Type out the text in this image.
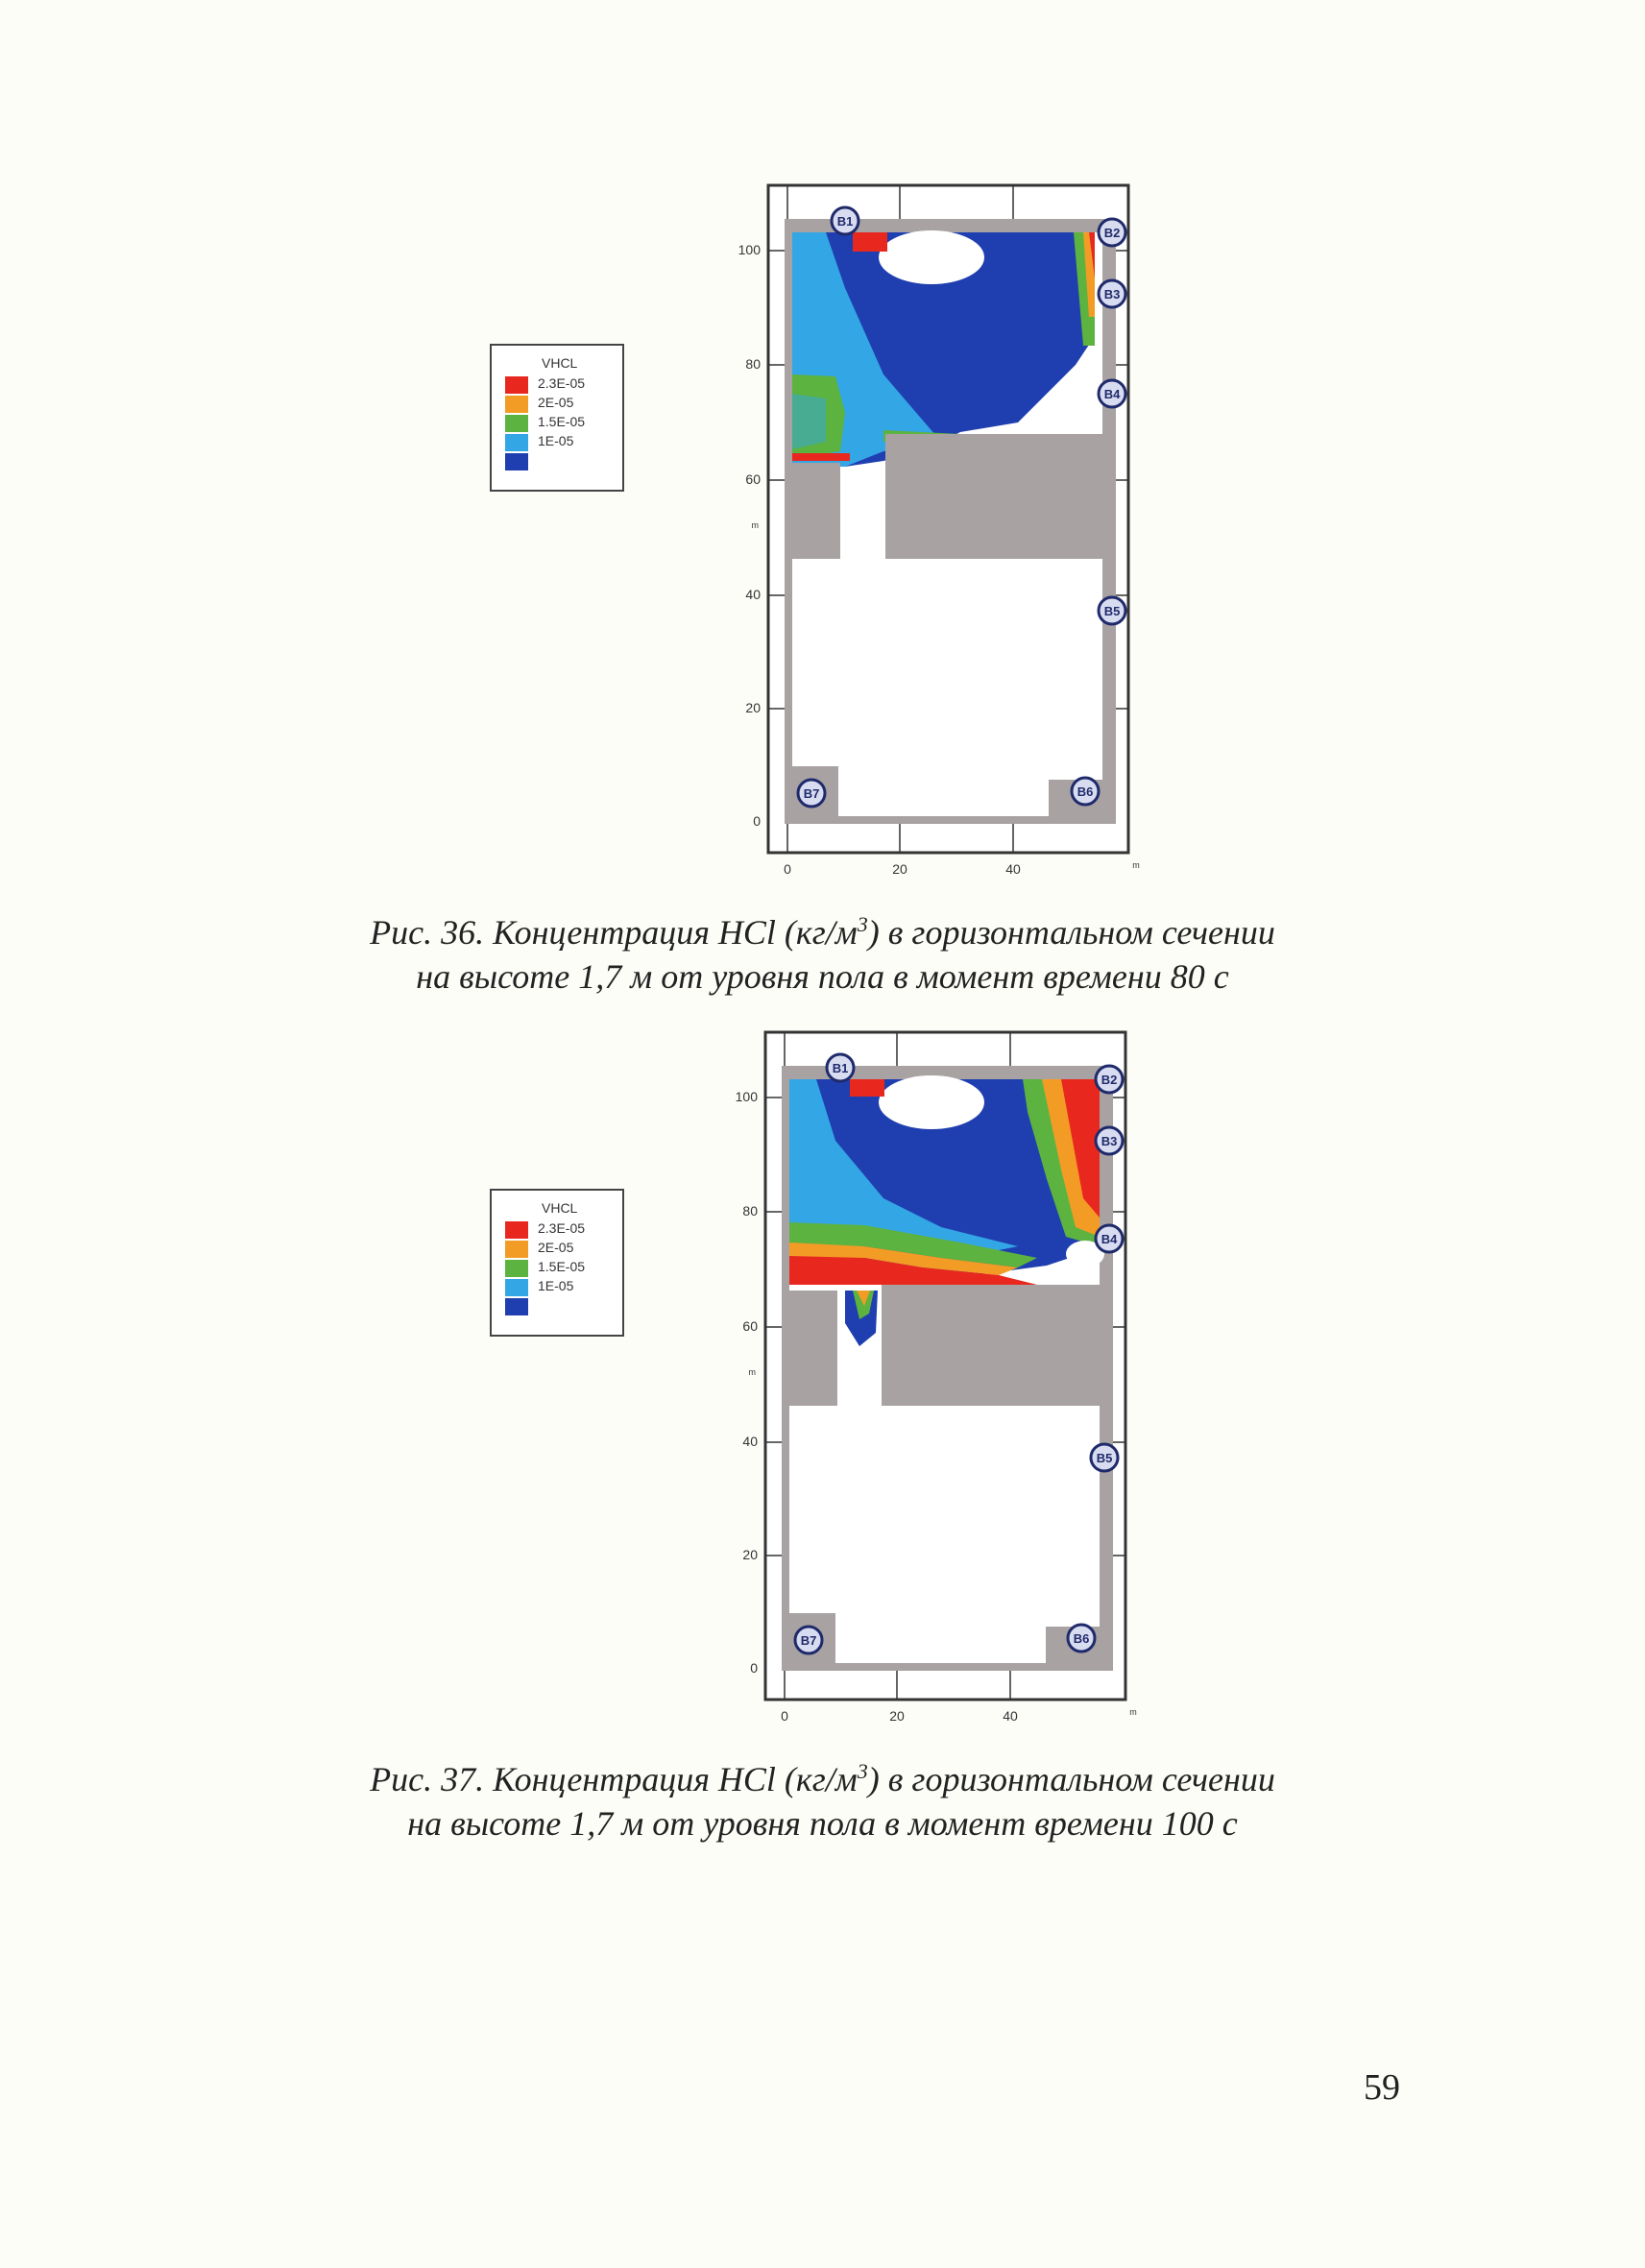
VHCL
2.3E-05
2E-05
1.5E-05
1E-05
B1
B2
B3
B4
B5
B6
B7
100
80
60
40
20
0
m
0	20	40	m
Рис. 36. Концентрация HCl $(кг/м^3)$ в горизонтальном сечении
на высоте 1,7 м от уровня пола в момент времени 80 с
VHCL
2.3E-05
2E-05
1.5E-05
1E-05
B1
B2
B3
B4
B5
B6
B7
100
80
60
40
20
0
m
0	20	40	m
Рис. 37. Концентрация HCl $(кг/м^3)$ в горизонтальном сечении
на высоте 1,7 м от уровня пола в момент времени 100 с
59
